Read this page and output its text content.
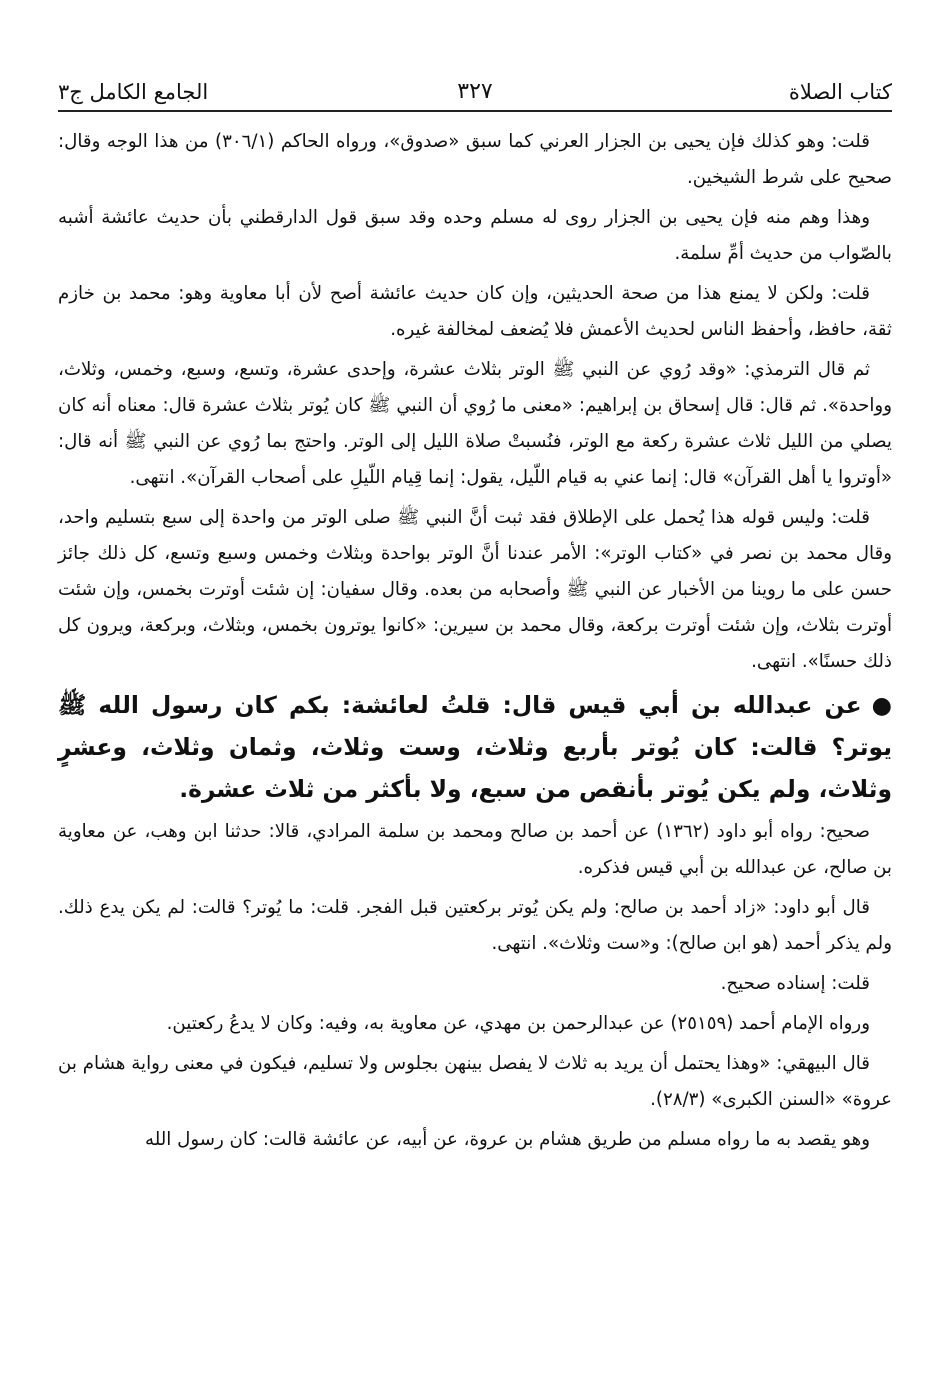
كتاب الصلاة
٣٢٧
الجامع الكامل ج٣

قلت: وهو كذلك فإن يحيى بن الجزار العرني كما سبق «صدوق»، ورواه الحاكم (٣٠٦/١) من هذا الوجه وقال: صحيح على شرط الشيخين.

وهذا وهم منه فإن يحيى بن الجزار روى له مسلم وحده وقد سبق قول الدارقطني بأن حديث عائشة أشبه بالصّواب من حديث أمِّ سلمة.

قلت: ولكن لا يمنع هذا من صحة الحديثين، وإن كان حديث عائشة أصح لأن أبا معاوية وهو: محمد بن خازم ثقة، حافظ، وأحفظ الناس لحديث الأعمش فلا يُضعف لمخالفة غيره.

ثم قال الترمذي: «وقد رُوي عن النبي ﷺ الوتر بثلاث عشرة، وإحدى عشرة، وتسع، وسبع، وخمس، وثلاث، وواحدة». ثم قال: قال إسحاق بن إبراهيم: «معنى ما رُوي أن النبي ﷺ كان يُوتر بثلاث عشرة قال: معناه أنه كان يصلي من الليل ثلاث عشرة ركعة مع الوتر، فنُسبتْ صلاة الليل إلى الوتر. واحتج بما رُوي عن النبي ﷺ أنه قال: «أوتروا يا أهل القرآن» قال: إنما عني به قيام اللّيل، يقول: إنما قِيام اللّيلِ على أصحاب القرآن». انتهى.

قلت: وليس قوله هذا يُحمل على الإطلاق فقد ثبت أنَّ النبي ﷺ صلى الوتر من واحدة إلى سبع بتسليم واحد، وقال محمد بن نصر في «كتاب الوتر»: الأمر عندنا أنَّ الوتر بواحدة وبثلاث وخمس وسبع وتسع، كل ذلك جائز حسن على ما روينا من الأخبار عن النبي ﷺ وأصحابه من بعده. وقال سفيان: إن شئت أوترت بخمس، وإن شئت أوترت بثلاث، وإن شئت أوترت بركعة، وقال محمد بن سيرين: «كانوا يوترون بخمس، وبثلاث، وبركعة، ويرون كل ذلك حسنًا». انتهى.

●عن عبدالله بن أبي قيس قال: قلتُ لعائشة: بكم كان رسول الله ﷺ يوتر؟ قالت: كان يُوتر بأربع وثلاث، وست وثلاث، وثمان وثلاث، وعشرٍ وثلاث، ولم يكن يُوتر بأنقص من سبع، ولا بأكثر من ثلاث عشرة.

صحيح: رواه أبو داود (١٣٦٢) عن أحمد بن صالح ومحمد بن سلمة المرادي، قالا: حدثنا ابن وهب، عن معاوية بن صالح، عن عبدالله بن أبي قيس فذكره.

قال أبو داود: «زاد أحمد بن صالح: ولم يكن يُوتر بركعتين قبل الفجر. قلت: ما يُوتر؟ قالت: لم يكن يدع ذلك. ولم يذكر أحمد (هو ابن صالح): و«ست وثلاث». انتهى.

قلت: إسناده صحيح.

ورواه الإمام أحمد (٢٥١٥٩) عن عبدالرحمن بن مهدي، عن معاوية به، وفيه: وكان لا يدعُ ركعتين.

قال البيهقي: «وهذا يحتمل أن يريد به ثلاث لا يفصل بينهن بجلوس ولا تسليم، فيكون في معنى رواية هشام بن عروة» «السنن الكبرى» (٢٨/٣).

وهو يقصد به ما رواه مسلم من طريق هشام بن عروة، عن أبيه، عن عائشة قالت: كان رسول الله
